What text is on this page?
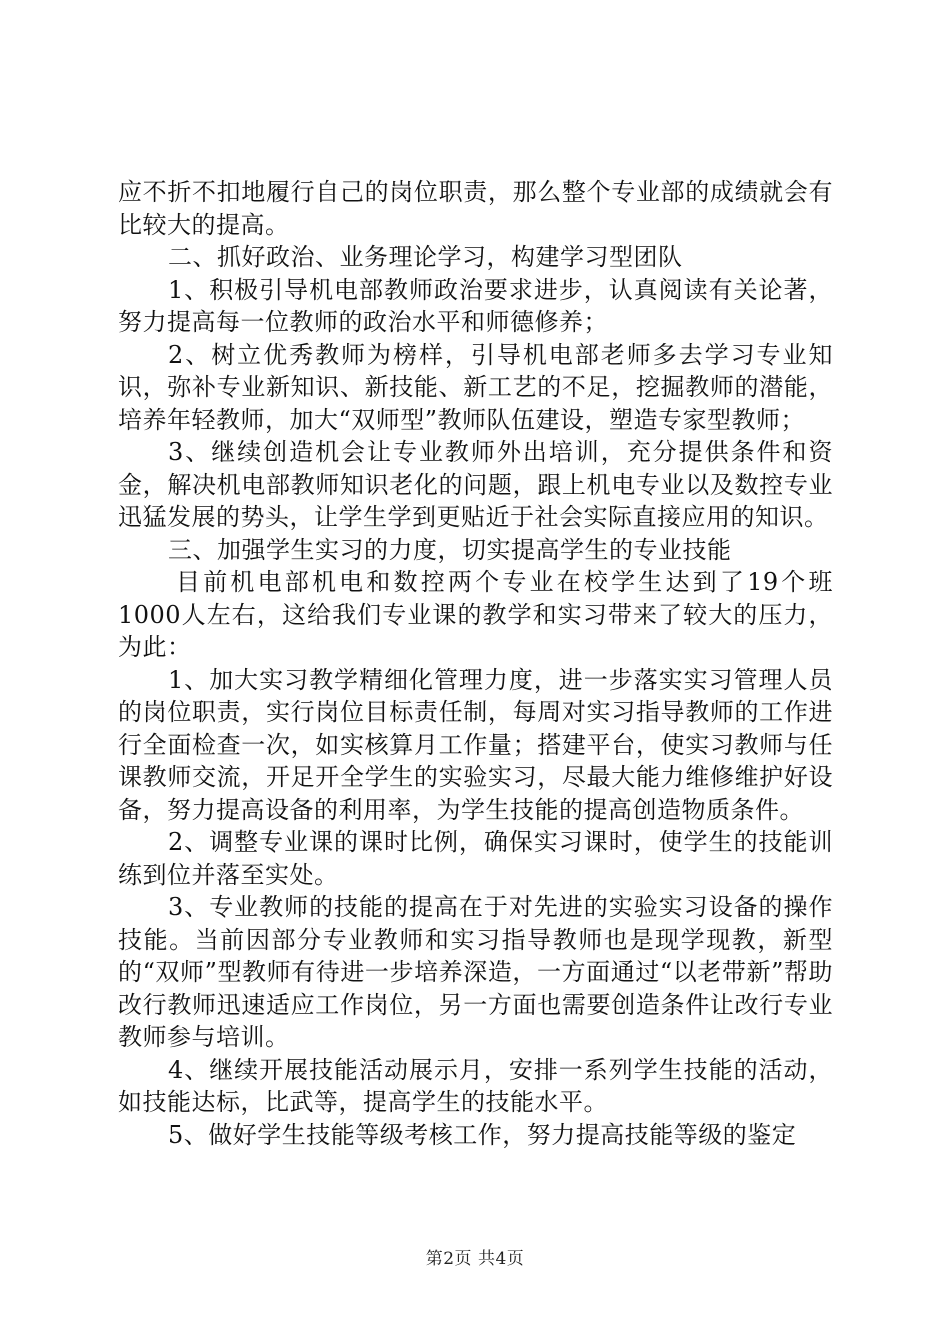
应不折不扣地履行自己的岗位职责，那么整个专业部的成绩就会有比较大的提高。

二、抓好政治、业务理论学习，构建学习型团队

1、积极引导机电部教师政治要求进步，认真阅读有关论著，努力提高每一位教师的政治水平和师德修养；

2、树立优秀教师为榜样，引导机电部老师多去学习专业知识，弥补专业新知识、新技能、新工艺的不足，挖掘教师的潜能，培养年轻教师，加大“双师型”教师队伍建设，塑造专家型教师；

3、继续创造机会让专业教师外出培训，充分提供条件和资金，解决机电部教师知识老化的问题，跟上机电专业以及数控专业迅猛发展的势头，让学生学到更贴近于社会实际直接应用的知识。

三、加强学生实习的力度，切实提高学生的专业技能

目前机电部机电和数控两个专业在校学生达到了19个班1000人左右，这给我们专业课的教学和实习带来了较大的压力，为此：

1、加大实习教学精细化管理力度，进一步落实实习管理人员的岗位职责，实行岗位目标责任制，每周对实习指导教师的工作进行全面检查一次，如实核算月工作量；搭建平台，使实习教师与任课教师交流，开足开全学生的实验实习，尽最大能力维修维护好设备，努力提高设备的利用率，为学生技能的提高创造物质条件。

2、调整专业课的课时比例，确保实习课时，使学生的技能训练到位并落至实处。

3、专业教师的技能的提高在于对先进的实验实习设备的操作技能。当前因部分专业教师和实习指导教师也是现学现教，新型的“双师”型教师有待进一步培养深造，一方面通过“以老带新”帮助改行教师迅速适应工作岗位，另一方面也需要创造条件让改行专业教师参与培训。

4、继续开展技能活动展示月，安排一系列学生技能的活动，如技能达标，比武等，提高学生的技能水平。

5、做好学生技能等级考核工作，努力提高技能等级的鉴定

第2页 共4页
